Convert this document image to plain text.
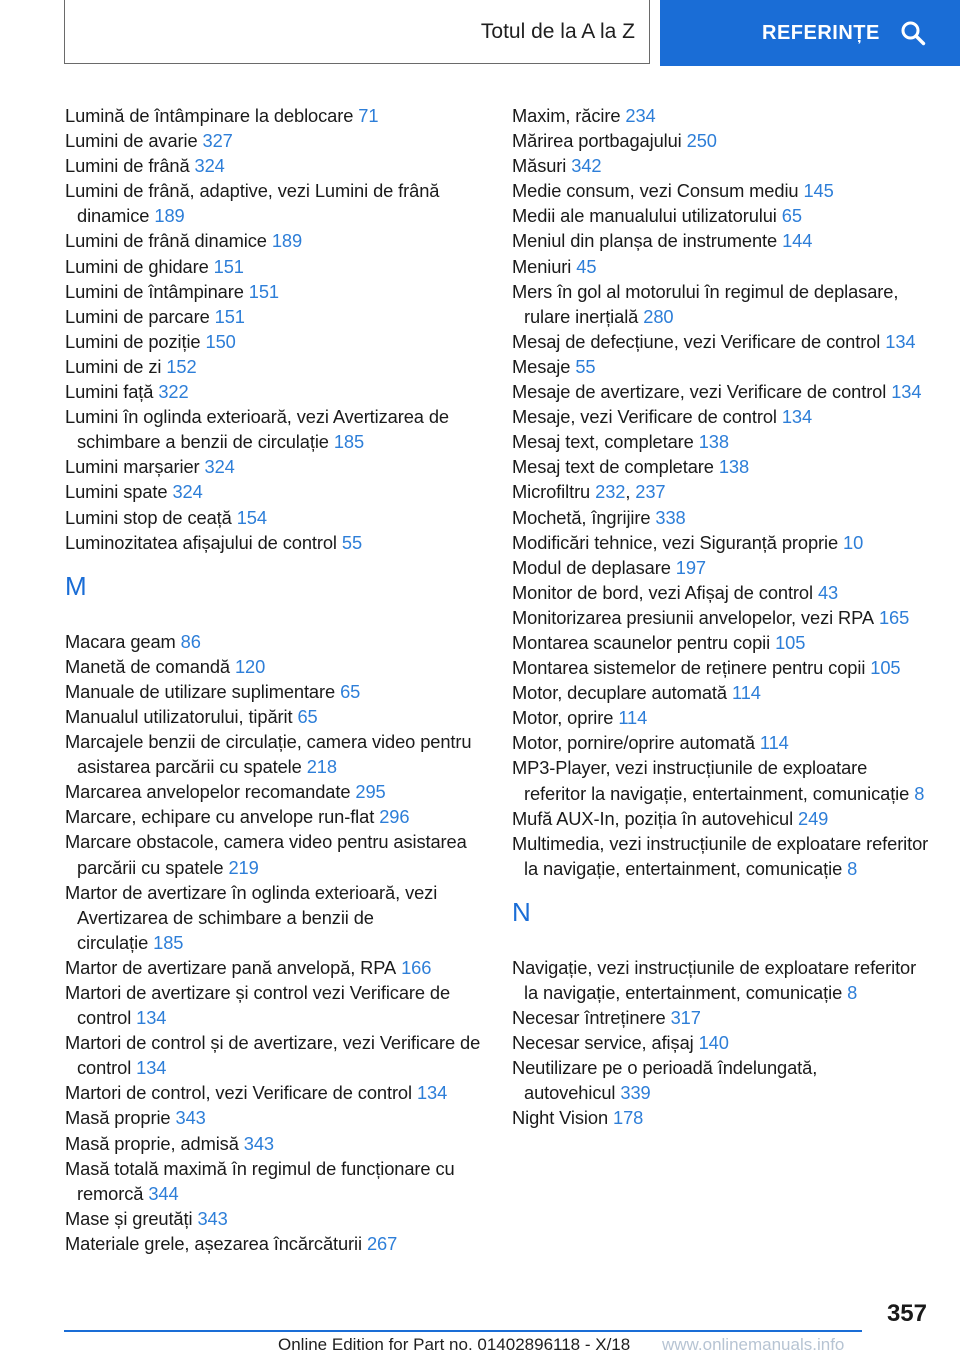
Totul de la A la Z	REFERINȚE
Lumină de întâmpinare la deblocare 71
Lumini de avarie 327
Lumini de frână 324
Lumini de frână, adaptive, vezi Lumini de frână dinamice 189
Lumini de frână dinamice 189
Lumini de ghidare 151
Lumini de întâmpinare 151
Lumini de parcare 151
Lumini de poziție 150
Lumini de zi 152
Lumini față 322
Lumini în oglinda exterioară, vezi Avertizarea de schimbare a benzii de circulație 185
Lumini marșarier 324
Lumini spate 324
Lumini stop de ceață 154
Luminozitatea afișajului de control 55
M
Macara geam 86
Manetă de comandă 120
Manuale de utilizare suplimentare 65
Manualul utilizatorului, tipărit 65
Marcajele benzii de circulație, camera video pentru asistarea parcării cu spatele 218
Marcarea anvelopelor recomandate 295
Marcare, echipare cu anvelope run-flat 296
Marcare obstacole, camera video pentru asistarea parcării cu spatele 219
Martor de avertizare în oglinda exterioară, vezi Avertizarea de schimbare a benzii de circulație 185
Martor de avertizare pană anvelopă, RPA 166
Martori de avertizare și control vezi Verificare de control 134
Martori de control și de avertizare, vezi Verificare de control 134
Martori de control, vezi Verificare de control 134
Masă proprie 343
Masă proprie, admisă 343
Masă totală maximă în regimul de funcționare cu remorcă 344
Mase și greutăți 343
Materiale grele, așezarea încărcăturii 267
Maxim, răcire 234
Mărirea portbagajului 250
Măsuri 342
Medie consum, vezi Consum mediu 145
Medii ale manualului utilizatorului 65
Meniul din planșa de instrumente 144
Meniuri 45
Mers în gol al motorului în regimul de deplasare, rulare inerțială 280
Mesaj de defecțiune, vezi Verificare de control 134
Mesaje 55
Mesaje de avertizare, vezi Verificare de control 134
Mesaje, vezi Verificare de control 134
Mesaj text, completare 138
Mesaj text de completare 138
Microfiltru 232, 237
Mochetă, îngrijire 338
Modificări tehnice, vezi Siguranță proprie 10
Modul de deplasare 197
Monitor de bord, vezi Afișaj de control 43
Monitorizarea presiunii anvelopelor, vezi RPA 165
Montarea scaunelor pentru copii 105
Montarea sistemelor de reținere pentru copii 105
Motor, decuplare automată 114
Motor, oprire 114
Motor, pornire/oprire automată 114
MP3-Player, vezi instrucțiunile de exploatare referitor la navigație, entertainment, comunicație 8
Mufă AUX-In, poziția în autovehicul 249
Multimedia, vezi instrucțiunile de exploatare referitor la navigație, entertainment, comunicație 8
N
Navigație, vezi instrucțiunile de exploatare referitor la navigație, entertainment, comunicație 8
Necesar întreținere 317
Necesar service, afișaj 140
Neutilizare pe o perioadă îndelungată, autovehicul 339
Night Vision 178
357
Online Edition for Part no. 01402896118 - X/18 www.onlinemanuals.info
